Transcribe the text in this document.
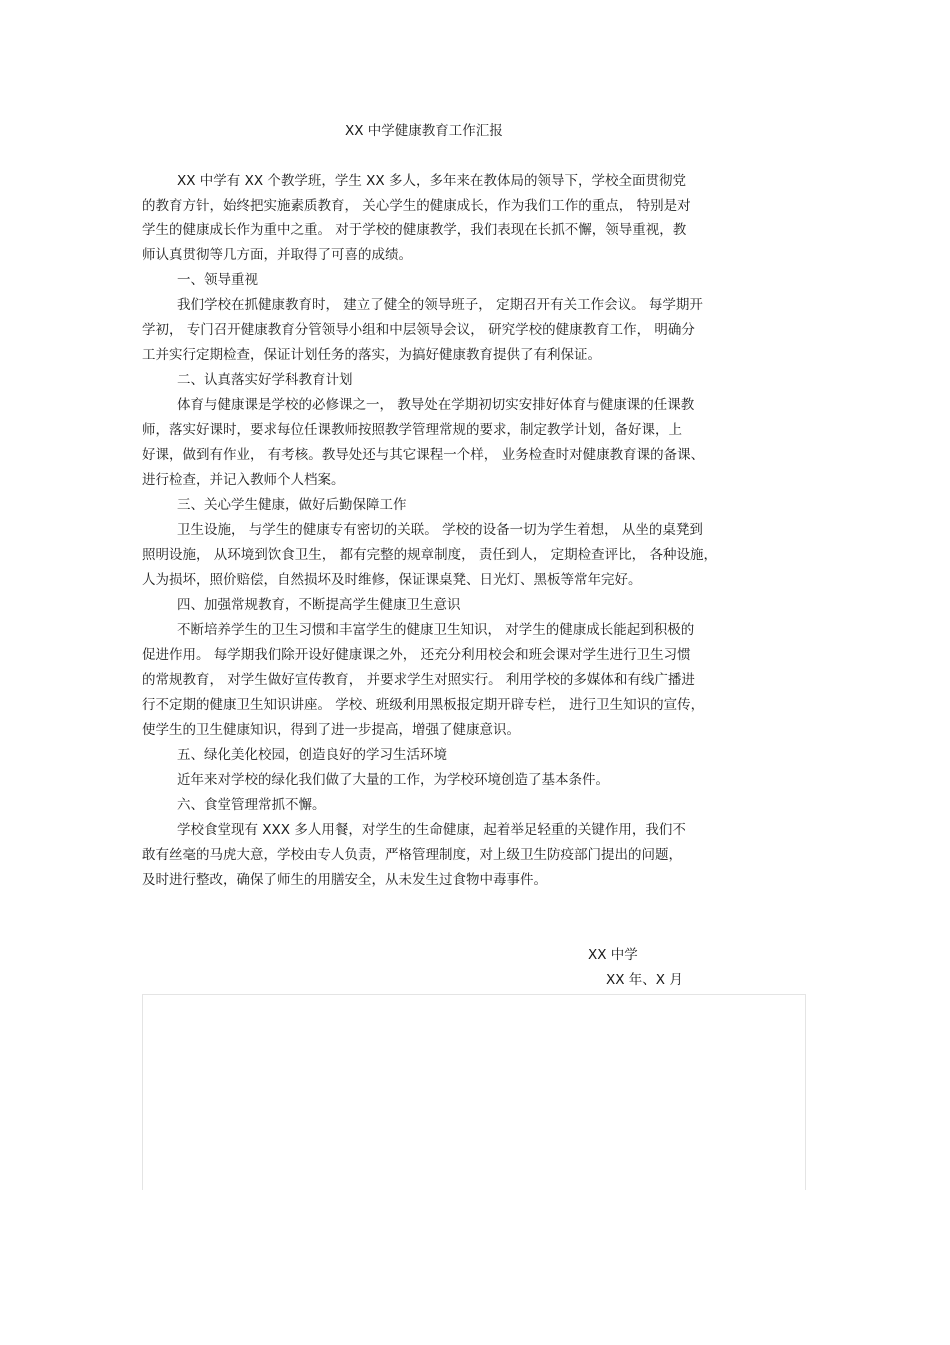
XX 中学健康教育工作汇报
XX 中学有 XX 个教学班，学生 XX 多人，多年来在教体局的领导下，学校全面贯彻党
的教育方针，始终把实施素质教育， 关心学生的健康成长，作为我们工作的重点， 特别是对
学生的健康成长作为重中之重。 对于学校的健康教学，我们表现在长抓不懈，领导重视，教
师认真贯彻等几方面，并取得了可喜的成绩。
一、领导重视
我们学校在抓健康教育时， 建立了健全的领导班子， 定期召开有关工作会议。 每学期开
学初， 专门召开健康教育分管领导小组和中层领导会议， 研究学校的健康教育工作， 明确分
工并实行定期检查，保证计划任务的落实，为搞好健康教育提供了有利保证。
二、认真落实好学科教育计划
体育与健康课是学校的必修课之一， 教导处在学期初切实安排好体育与健康课的任课教
师，落实好课时，要求每位任课教师按照教学管理常规的要求，制定教学计划，备好课，上
好课，做到有作业， 有考核。教导处还与其它课程一个样， 业务检查时对健康教育课的备课、
进行检查，并记入教师个人档案。
三、关心学生健康，做好后勤保障工作
卫生设施， 与学生的健康专有密切的关联。 学校的设备一切为学生着想， 从坐的桌凳到
照明设施， 从环境到饮食卫生， 都有完整的规章制度， 责任到人， 定期检查评比， 各种设施，
人为损坏，照价赔偿，自然损坏及时维修，保证课桌凳、日光灯、黑板等常年完好。
四、加强常规教育，不断提高学生健康卫生意识
不断培养学生的卫生习惯和丰富学生的健康卫生知识， 对学生的健康成长能起到积极的
促进作用。 每学期我们除开设好健康课之外， 还充分利用校会和班会课对学生进行卫生习惯
的常规教育， 对学生做好宣传教育， 并要求学生对照实行。 利用学校的多媒体和有线广播进
行不定期的健康卫生知识讲座。 学校、班级利用黑板报定期开辟专栏， 进行卫生知识的宣传，
使学生的卫生健康知识，得到了进一步提高，增强了健康意识。
五、绿化美化校园，创造良好的学习生活环境
近年来对学校的绿化我们做了大量的工作，为学校环境创造了基本条件。
六、食堂管理常抓不懈。
学校食堂现有 XXX 多人用餐，对学生的生命健康，起着举足轻重的关键作用，我们不
敢有丝毫的马虎大意，学校由专人负责，严格管理制度，对上级卫生防疫部门提出的问题，
及时进行整改，确保了师生的用膳安全，从未发生过食物中毒事件。
XX 中学
XX 年、X 月
